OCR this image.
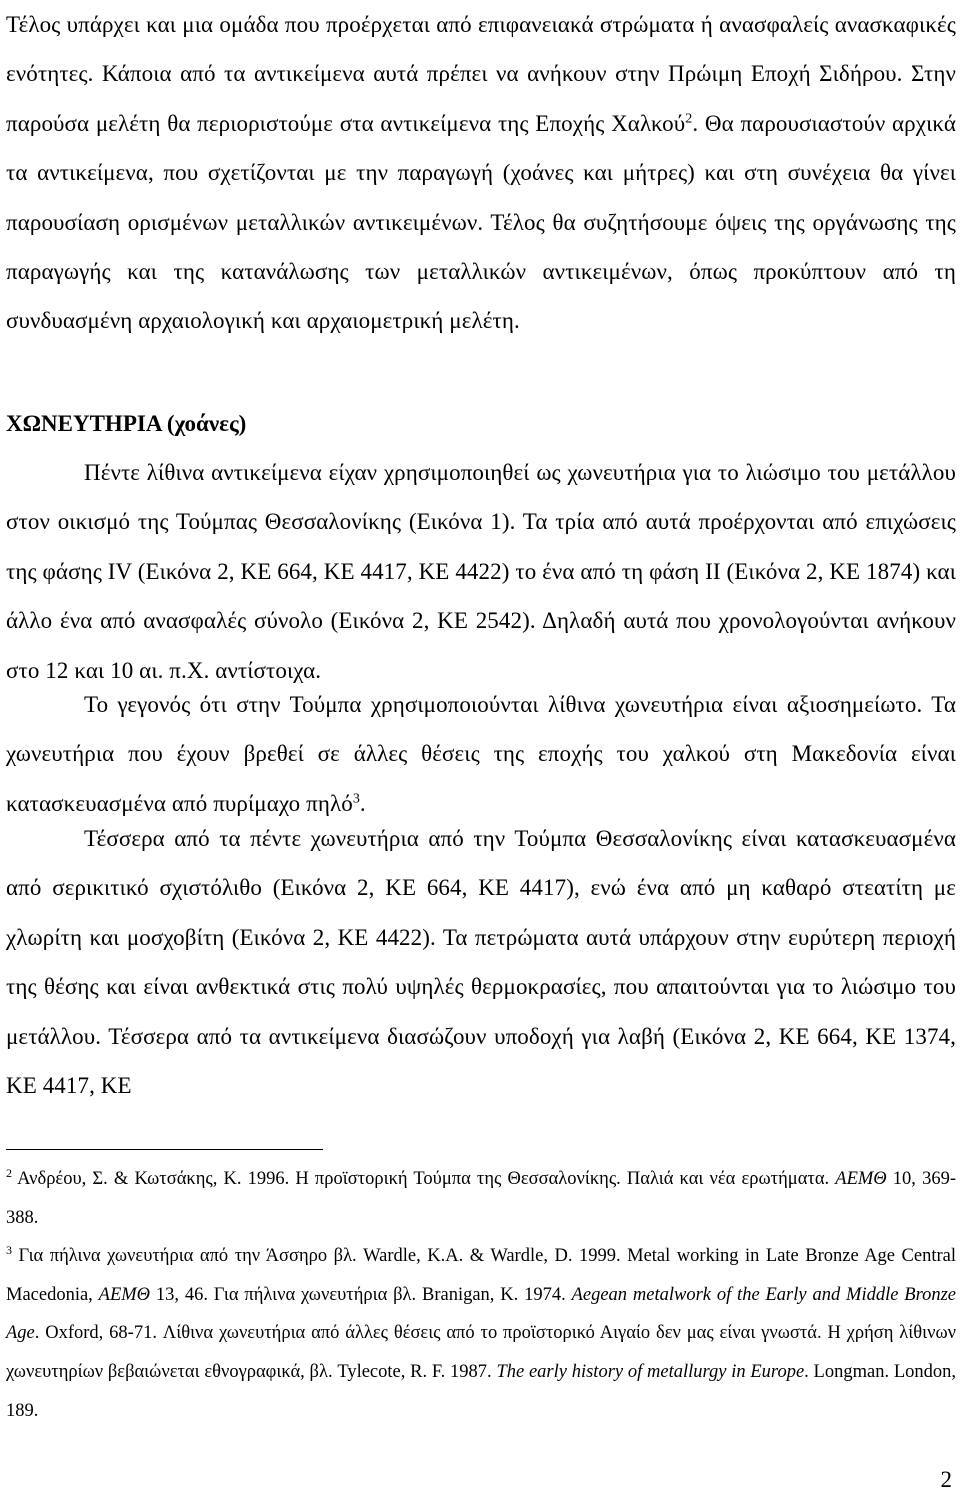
Τέλος υπάρχει και μια ομάδα που προέρχεται από επιφανειακά στρώματα ή ανασφαλείς ανασκαφικές ενότητες. Κάποια από τα αντικείμενα αυτά πρέπει να ανήκουν στην Πρώιμη Εποχή Σιδήρου. Στην παρούσα μελέτη θα περιοριστούμε στα αντικείμενα της Εποχής Χαλκού$^2$. Θα παρουσιαστούν αρχικά τα αντικείμενα, που σχετίζονται με την παραγωγή (χοάνες και μήτρες) και στη συνέχεια θα γίνει παρουσίαση ορισμένων μεταλλικών αντικειμένων. Τέλος θα συζητήσουμε όψεις της οργάνωσης της παραγωγής και της κατανάλωσης των μεταλλικών αντικειμένων, όπως προκύπτουν από τη συνδυασμένη αρχαιολογική και αρχαιομετρική μελέτη.

ΧΩΝΕΥΤΗΡΙΑ (χοάνες)

Πέντε λίθινα αντικείμενα είχαν χρησιμοποιηθεί ως χωνευτήρια για το λιώσιμο του μετάλλου στον οικισμό της Τούμπας Θεσσαλονίκης (Εικόνα 1). Τα τρία από αυτά προέρχονται από επιχώσεις της φάσης IV (Εικόνα 2, ΚΕ 664, ΚΕ 4417, ΚΕ 4422) το ένα από τη φάση II (Εικόνα 2, ΚΕ 1874) και άλλο ένα από ανασφαλές σύνολο (Εικόνα 2, ΚΕ 2542). Δηλαδή αυτά που χρονολογούνται ανήκουν στο 12 και 10 αι. π.Χ. αντίστοιχα.

Το γεγονός ότι στην Τούμπα χρησιμοποιούνται λίθινα χωνευτήρια είναι αξιοσημείωτο. Τα χωνευτήρια που έχουν βρεθεί σε άλλες θέσεις της εποχής του χαλκού στη Μακεδονία είναι κατασκευασμένα από πυρίμαχο πηλό$^3$.

Τέσσερα από τα πέντε χωνευτήρια από την Τούμπα Θεσσαλονίκης είναι κατασκευασμένα από σερικιτικό σχιστόλιθο (Εικόνα 2, ΚΕ 664, ΚΕ 4417), ενώ ένα από μη καθαρό στεατίτη με χλωρίτη και μοσχοβίτη (Εικόνα 2, ΚΕ 4422). Τα πετρώματα αυτά υπάρχουν στην ευρύτερη περιοχή της θέσης και είναι ανθεκτικά στις πολύ υψηλές θερμοκρασίες, που απαιτούνται για το λιώσιμο του μετάλλου. Τέσσερα από τα αντικείμενα διασώζουν υποδοχή για λαβή (Εικόνα 2, ΚΕ 664, ΚΕ 1374, ΚΕ 4417, ΚΕ

$^2$ Ανδρέου, Σ. & Κωτσάκης, Κ. 1996. Η προϊστορική Τούμπα της Θεσσαλονίκης. Παλιά και νέα ερωτήματα. ΑΕΜΘ 10, 369-388.

$^3$ Για πήλινα χωνευτήρια από την Άσσηρο βλ. Wardle, K.A. & Wardle, D. 1999. Metal working in Late Bronze Age Central Macedonia, ΑΕΜΘ 13, 46. Για πήλινα χωνευτήρια βλ. Branigan, K. 1974. Aegean metalwork of the Early and Middle Bronze Age. Oxford, 68-71. Λίθινα χωνευτήρια από άλλες θέσεις από το προϊστορικό Αιγαίο δεν μας είναι γνωστά. Η χρήση λίθινων χωνευτηρίων βεβαιώνεται εθνογραφικά, βλ. Tylecote, R. F. 1987. The early history of metallurgy in Europe. Longman. London, 189.

2
